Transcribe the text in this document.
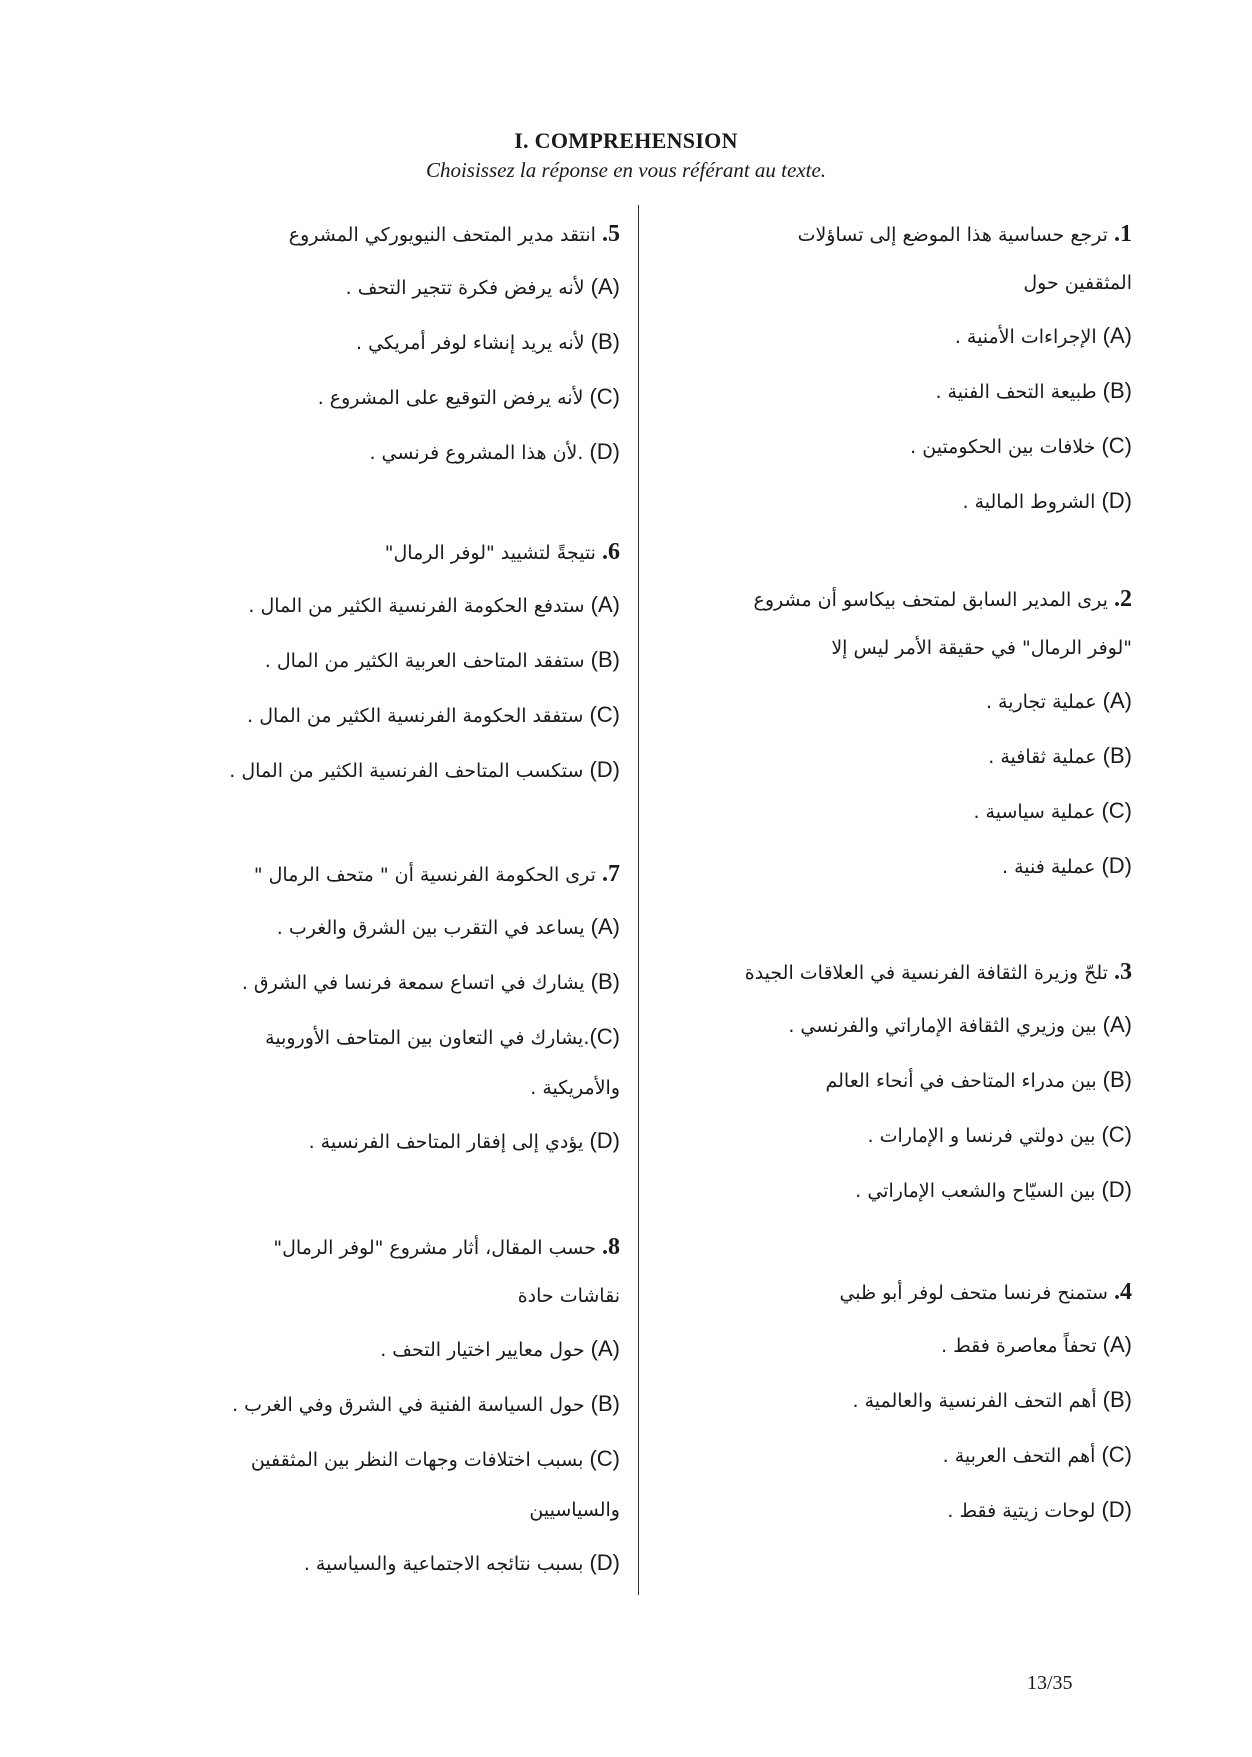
I. COMPREHENSION
Choisissez la réponse en vous référant au texte.
1. ترجع حساسية هذا الموضع إلى تساؤلات
المثقفين حول
(A) الإجراءات الأمنية .
(B) طبيعة التحف الفنية .
(C) خلافات بين الحكومتين .
(D) الشروط المالية .
2. يرى المدير السابق لمتحف بيكاسو أن مشروع
"لوفر الرمال" في حقيقة الأمر ليس إلا
(A) عملية تجارية .
(B) عملية ثقافية .
(C) عملية سياسية .
(D) عملية فنية .
3. تلحّ وزيرة الثقافة الفرنسية في العلاقات الجيدة
(A) بين وزيري الثقافة الإماراتي والفرنسي .
(B) بين مدراء المتاحف في أنحاء العالم
(C) بين دولتي فرنسا و الإمارات .
(D) بين السيّاح والشعب الإماراتي .
4. ستمنح فرنسا متحف لوفر أبو ظبي
(A) تحفاً معاصرة فقط .
(B) أهم التحف الفرنسية والعالمية .
(C) أهم التحف العربية .
(D) لوحات زيتية فقط .
5. انتقد مدير المتحف النيويوركي المشروع
(A) لأنه يرفض فكرة تتجير التحف .
(B) لأنه يريد إنشاء لوفر أمريكي .
(C) لأنه يرفض التوقيع على المشروع .
(D) .لأن هذا المشروع فرنسي .
6. نتيجةً لتشييد "لوفر الرمال"
(A) ستدفع الحكومة الفرنسية الكثير من المال .
(B) ستفقد المتاحف العربية الكثير من المال .
(C) ستفقد الحكومة الفرنسية الكثير من المال .
(D) ستكسب المتاحف الفرنسية الكثير من المال .
7. ترى الحكومة الفرنسية أن " متحف الرمال "
(A) يساعد في التقرب بين الشرق والغرب .
(B) يشارك في اتساع سمعة فرنسا في الشرق .
(C).يشارك في التعاون بين المتاحف الأوروبية
والأمريكية .
(D) يؤدي إلى إفقار المتاحف الفرنسية .
8. حسب المقال، أثار مشروع "لوفر الرمال"
نقاشات حادة
(A) حول معايير اختيار التحف .
(B) حول السياسة الفنية في الشرق وفي الغرب .
(C) بسبب اختلافات وجهات النظر بين المثقفين
والسياسيين
(D) بسبب نتائجه الاجتماعية والسياسية .
13/35
